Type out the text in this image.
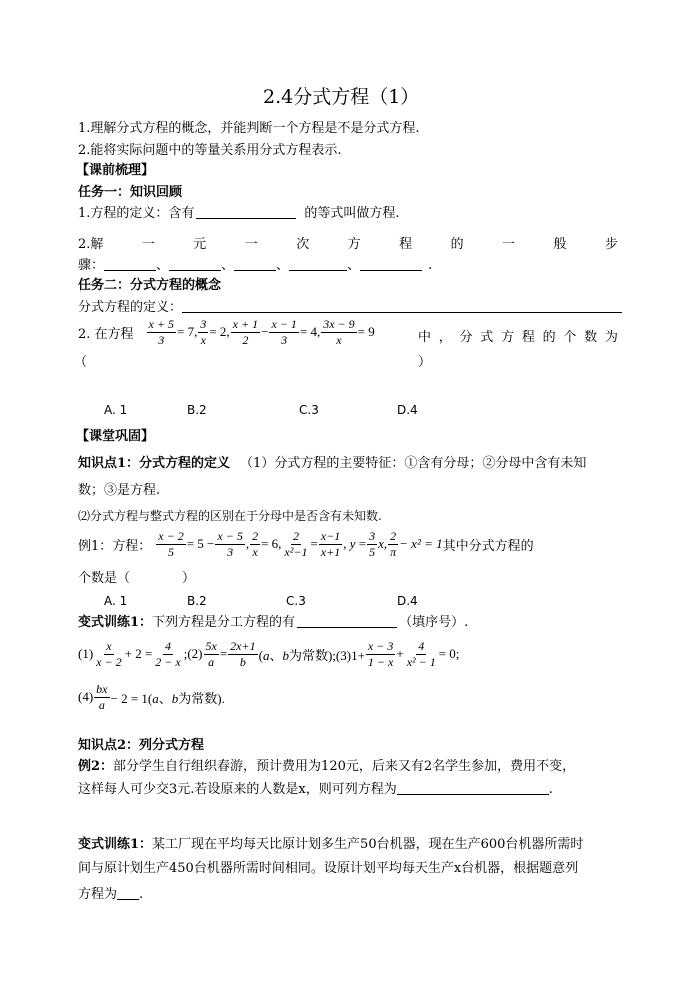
2.4分式方程（1）
1.理解分式方程的概念，并能判断一个方程是不是分式方程.
2.能将实际问题中的等量关系用分式方程表示.
【课前梳理】
任务一：知识回顾
1.方程的定义：含有	的等式叫做方程.
2.解	一	元	一	次	方	程	的	一	般	步
骤：	、	、	、	、	.
任务二：分式方程的概念
分式方程的定义：
2. 在方程 $\frac{x + 5}{3} = 7$, $\frac{3}{x} = 2$, $\frac{x + 1}{2} - \frac{x - 1}{3} = 4$, $\frac{3x - 9}{x} = 9$	中 ， 分 式 方 程 的 个 数 为
（	）
A. 1	B.2	C.3	D.4
【课堂巩固】
知识点1：分式方程的定义 （1）分式方程的主要特征：①含有分母；②分母中含有未知
数；③是方程.
⑵分式方程与整式方程的区别在于分母中是否含有未知数.
例1：方程： $\frac{x - 2}{5} = 5 - \frac{x - 5}{3}$ , $\frac{2}{x} = 6$, $\frac{2}{\text{x²−1}} = \frac{x-1}{x+1}$ , $y = \frac{3}{5} x$, $\frac{2}{\pi} - x^2 = 1$ 其中分式方程的
个数是（	）
A. 1	B.2	C.3	D.4
变式训练1：下列方程是分工方程的有	（填序号）.
$(1) \frac{x}{x - 2} + 2 = \frac{4}{2 - x}$ ;(2) $\frac{5x}{a} = \frac{2x+1}{b} (a$、b为常数);(3)1+ $\frac{x - 3}{1 - x} + \frac{4}{\text{x² − 1}} = 0$;
$(4) \frac{bx}{a} - 2 = 1(a$、b为常数).
知识点2：列分式方程
例2：部分学生自行组织春游，预计费用为120元，后来又有2名学生参加，费用不变，
这样每人可少交3元.若设原来的人数是x，则可列方程为	.
变式训练1：某工厂现在平均每天比原计划多生产50台机器，现在生产600台机器所需时
间与原计划生产450台机器所需时间相同。设原计划平均每天生产x台机器，根据题意列
方程为 .
